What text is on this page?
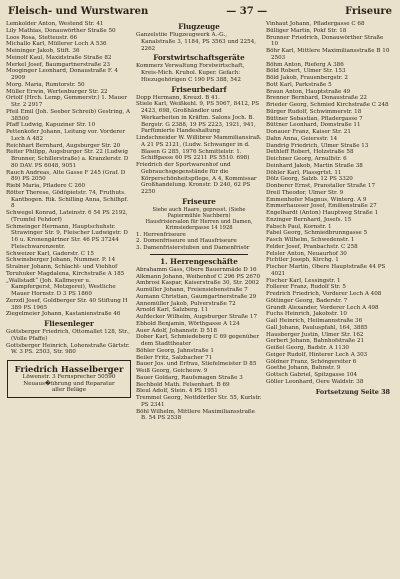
Fleisch- und Wurstwaren	— 37 —	Friseure
Lemkolder Anton, Westend Str. 41
Lily Mathias, Donauwörther Straße 50
Loos Rosa, Stetteustr. 66
Michallo Karl, Müllerer Loch A 536
Meininger Jakob, Stift. 36
Meinolf Kaul, Maxidstraße Straße 82
Merkel Josef, Baumgartnerstraße 23
Mooginger Leonhard, Donaustraße F. 4 2909
Morg. Maria, Rumtorstr. 50
Müller Erwin, Wertenburger Str. 22
Ortolf (Hrch. Lemp, Gemmerstr.) 1. Mauer Str. 2 2917
Pfeil Emil (Joh. Seeber Schreib) Gestring, A 38500
Pfaff Ludwig, Kapuziner Str. 10
Pettenkofer Johann, Leitung vor. Vorderer Lech A 482
Reichhart Bernhard, Augsburger Str. 20
Reiter Philipp, Augsburger Str. 22 (Ludwig Brunner, Schillerstraße) a. Kranzlerstr. D 80 DAV. PS 6048, 9051
Rauch Andreas, Alte Gasse F 245 (Graf. D 89) PS 2050
Riebl Maria, Pfladere C 260
Rötter Therese, Gödöpietstr. 74, Fruthuts. Kantbogen. Rik. Schilling Anna, Schilhpf. 8
Schwegel Konrad, Lateinstr. 6 54 PS 2192, (Trumfel Fehdorf)
Schmeinger Hermann, Hauptschuhstr. Strawinger Str. 9, Fleischer Ludwigstr. D 16 u. Kronengärtner Str. 46 PS 37244 Fleischwarenzentr.
Schweizer Karl, Gaderstr. C 15
Schwinsberger Johann, Nummer. P. 14
Stralner Johann, Schlacht- und Viehhof
Teruhuker Magdalena, Kirchstraße A 185
„Wallstadt“ (Joh. Kallmeyer u. Kampfergerst, Metzgerei), Westliche Mauer Hornstr. D 3 PS 1860
Zerzdl Josef, Goldberger Str. 40 Stiftung H 389 PS 1965
Ziegelmeier Johann, Kastanienstraße 46
Fliesenleger
Gottsberger Friedrich, Ottomallet 128, Str., (Volle Pfaffe)
Gottsberger Heinrich, Lohenstraße Gärtstr. W. 3 PS. 2503, Str. 980
Friedrich Hasselberger
Löwenstr. 3 Fernsprecher 50590
Neuaus�ührung und Reparatur
aller Beläge
Flugzeuge
Ganzelstiie Flugzeugwerk A.-G., Kanalstraße 3, 1184, PS 3563 und 2254, 2262
Forstwirtschaftsgeräte
Kommerz Verwaltung Forstwirtschaft, Kreis-Mich. Kruhol. Kuper. Gefach: Hiezugehörigen C 190 PS 388, 542
Friseurbedarf
Dopp Hermann, Kreuzl. B 41.
Stiele Karl, Weißkehl. 9, PS 5067, 8412, PS 2423, 698, Großhändler und Werkarbeiten in Kräftm. Salons Joch. B. Bergstr. G 2388, 19 PS 2223, 1921, 941, Parfümierte Handeshaltung
Lindschneider W. Willibrer Mammiliansiraß. A 21 PS 2121, (Ludw. Schwanger in d. Blasen G 285, 1976 Schmittelstr. 1. Schiffgasse 60 PS 2211 PS 5510. 698)
Friedrich der Sportwarenhof und Gebrauchsgegenstände für die Körperschönheitspflege, A 4, Kommissar Großhandelung. Kronstr. D 240, 62 PS 2250
Friseure
Siehe auch Haare, gepresst. (Siehe Papiermühle Nachbern)
Hausfrisiersalon für Herren und Damen, Krimsiedergasse 14 1928
1. Herrenfriseure
2. Domenfriseure und Hausfriseure
3. Damenfrisierstuben und Damenfrisör
1. Herrengeschäfte
Abrahamm Gass, Obere Bauernmäde D 16
Alkmann Johann, Weihenhof C 296 PS 2670
Ambrosi Kaspar, Kaiserstraße 30, Str. 2002
Aumüller Johann, Freiensiebenstraße 7
Aumann Christian, Gaumgartnerstraße 29
Annemüller Jakob, Pulverstraße 72
Arnold Karl, Salzberg. 11
Aufdecker Wilhelm, Augsburger Straße 17
Ebhold Benjamin, Wörthgasse A 124
Auer Adolf, Johannstr. D 518
Dober Karl, Schmiedeberg C 69 gegenüber dem Stadttheater
Böhler Georg, Jahnstraße 1
Beiler Fritz, Salzbacher 71
Bauer Jos. und Erfrau, Stiefelmeister D 85
Weiß Georg, Geicheuw. 9
Bauer Goldarg, Raufsmagen Straße 3
Bechbold Math. Felsenhart. B 69
Bleul Adolf, Stein. 4 PS 1951
Tremmel Georg, Nottdörfler Str. 55, Kurlstr. PS 2341
Böhl Wilhelm, Mittlere Maximiliansstraße B. 54 PS 2538
Vinhaut Johann, Pfladergasse C 68
Bülliger Martin, Pokf Str. 18
Brunner Friedrich, Donauwörther Straße 10
Böhr Karl, Mittlere Maximiliansstraße B 10 2503
Böhm Anton, Rieferg A 386
Böld Robert, Ulmer Str. 153
Böld Jakob, Frauenbergstr. 2
Bott Karl, Parkstraße 5
Braun Anton, Hauptstraße 49
Brenner Bernhard, Donaustraße 22
Brieder Georg, Schmied Kirchstraße C 248
Bürger Rudolf, Schwimmerstr. 18
Büttner Sebastian, Pfladergasse 7
Büttner Leonhard, Domstraße 11
Donauer Franz, Kaiser Str. 21
Dahn Anna, Geiersstr. 14
Dandrig Friedrich, Ulmer Straße 13
Dethleff Robert, Holzstraße 58
Deichner Georg, Arnulfstr. 6
Deinhard Jakob, Martin Straße 38
Döhler Karl, Plassgrtst. 11
Dölz Georg, Salzb. 12 PS 3320
Donberer Ernst, Pranstaller Straße 17
Dreil Theodor, Ulmer Str. 9
Emmenhofer Magnus, Winterg. A 9
Emmerhausser Josef, Emilienstraße 27
Engelhardt (Anton) Hauptweg Straße 1
Enzinger Bernhard, Josefs. 15
Fabsch Paul, Kornstr. 1
Fabel Georg, Schmiedbrunngasse 5
Fasch Wilhelm, Schwedenstr. 1
Felder Josef, Pranbachstr. C 258
Felsler Anton, Neuaurhof 30
Fichtler Joseph, Kirchg. 1
Fischer Martin, Obere Hauptstraße 44 PS 4021
Fischer Karl, Lessingstr. 1
Follerer Franz, Rudolf Str. 5
Fredrich Friedrich, Vorderer Lech A 408
Göttinger Georg, Baderstr. 7
Grundt Alexander, Vorderer Lech A 498
Fuchs Heinrich, Jakobstr. 10
Gail Heinrich, Heilmannstraße 36
Gall Johann, Pauluspfahl, 164, 3885
Hausberger Justin, Ulmer Str. 162
Gerbert Johann, Bahnhofstraße 21
Geißel Georg, Badstr. A 1130
Geiger Rudolf, Hinterer Lech A 303
Göldner Franz, Schöngereiter 6
Goethe Johann, Bahnstr. 9
Gottsch Gabriel, Spitzgasse 104
Göller Leonhard, Oere Waldstr. 38
Fortsetzung Seite 38
